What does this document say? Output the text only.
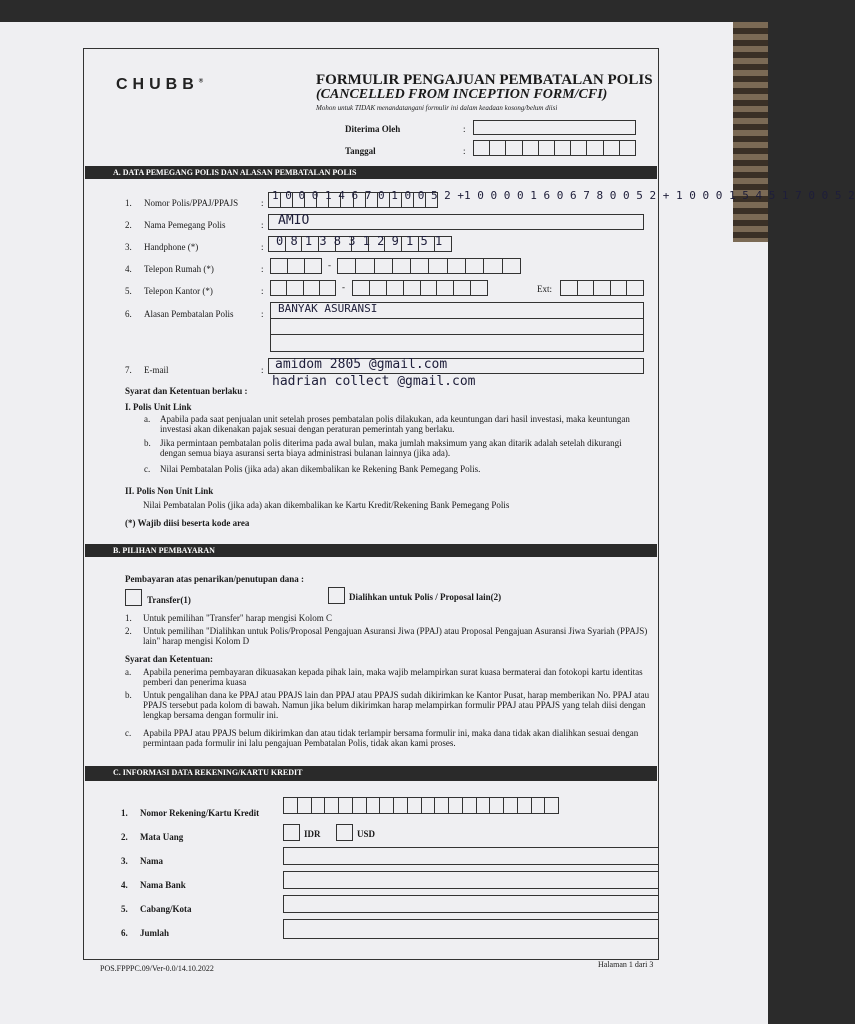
CHUBB®	FORMULIR PENGAJUAN PEMBATALAN POLIS
(CANCELLED FROM INCEPTION FORM/CFI)
Mohon untuk TIDAK menandatangani formulir ini dalam keadaan kosong/belum diisi
Diterima Oleh	:
Tanggal	:
A. DATA PEMEGANG POLIS DAN ALASAN PEMBATALAN POLIS
1. Nomor Polis/PPAJ/PPAJS	:
1 0 0 0 1 4 6 7 0 1 0 0 5 2 +1 0 0 0 0 1 6 0 6 7 8 0 0 5 2 + 1 0 0 0 1 5 4 5 1 7 0 0 5 2
2. Nama Pemegang Polis	: AMIO
3. Handphone (*)	: 0 8 1 3 8 3 1 2 9 1 5 1
4. Telepon Rumah (*)	:	-
5. Telepon Kantor (*)	:	-	Ext:
6. Alasan Pembatalan Polis	: BANYAK ASURANSI
7. E-mail	: amidom 2805 @gmail.com
hadrian collect @gmail.com
Syarat dan Ketentuan berlaku :
I. Polis Unit Link
a. Apabila pada saat penjualan unit setelah proses pembatalan polis dilakukan, ada keuntungan dari hasil investasi, maka keuntungan investasi akan dikenakan pajak sesuai dengan peraturan pemerintah yang berlaku.
b. Jika permintaan pembatalan polis diterima pada awal bulan, maka jumlah maksimum yang akan ditarik adalah setelah dikurangi dengan semua biaya asuransi serta biaya administrasi bulanan lainnya (jika ada).
c. Nilai Pembatalan Polis (jika ada) akan dikembalikan ke Rekening Bank Pemegang Polis.
II. Polis Non Unit Link
Nilai Pembatalan Polis (jika ada) akan dikembalikan ke Kartu Kredit/Rekening Bank Pemegang Polis
(*) Wajib diisi beserta kode area
B. PILIHAN PEMBAYARAN
Pembayaran atas penarikan/penutupan dana :
Transfer(1)	Dialihkan untuk Polis / Proposal lain(2)
1. Untuk pemilihan "Transfer" harap mengisi Kolom C
2. Untuk pemilihan "Dialihkan untuk Polis/Proposal Pengajuan Asuransi Jiwa (PPAJ) atau Proposal Pengajuan Asuransi Jiwa Syariah (PPAJS) lain" harap mengisi Kolom D
Syarat dan Ketentuan:
a. Apabila penerima pembayaran dikuasakan kepada pihak lain, maka wajib melampirkan surat kuasa bermaterai dan fotokopi kartu identitas pemberi dan penerima kuasa
b. Untuk pengalihan dana ke PPAJ atau PPAJS lain dan PPAJ atau PPAJS sudah dikirimkan ke Kantor Pusat, harap memberikan No. PPAJ atau PPAJS tersebut pada kolom di bawah. Namun jika belum dikirimkan harap melampirkan formulir PPAJ atau PPAJS yang telah diisi dengan lengkap bersama dengan formulir ini.
c. Apabila PPAJ atau PPAJS belum dikirimkan dan atau tidak terlampir bersama formulir ini, maka dana tidak akan dialihkan sesuai dengan permintaan pada formulir ini lalu pengajuan Pembatalan Polis, tidak akan kami proses.
C. INFORMASI DATA REKENING/KARTU KREDIT
1. Nomor Rekening/Kartu Kredit
2. Mata Uang	IDR	USD
3. Nama
4. Nama Bank
5. Cabang/Kota
6. Jumlah
POS.FPPPC.09/Ver-0.0/14.10.2022	Halaman 1 dari 3
